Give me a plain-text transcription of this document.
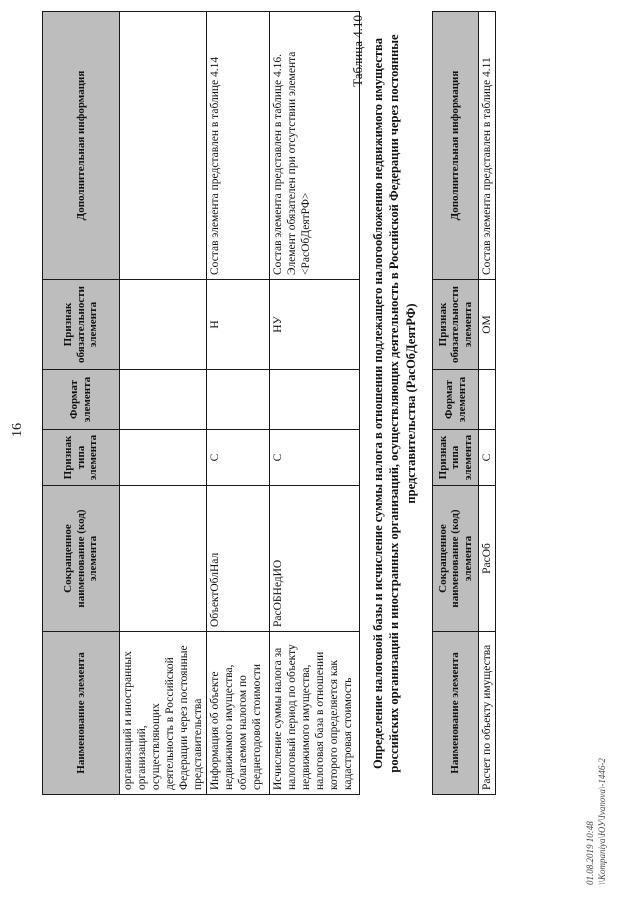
16
Наименование элемента	Сокращенное наименование (код) элемента	Признак типа элемента	Формат элемента	Признак обязательности элемента	Дополнительная информация
организаций и иностранных организаций, осуществляющих деятельность в Российской Федерации через постоянные представительства					
Информация об объекте недвижимого имущества, облагаемом налогом по среднегодовой стоимости	ОбъектОблНал	С		Н	Состав элемента представлен в таблице 4.14
Исчисление суммы налога за налоговый период по объекту недвижимого имущества, налоговая база в отношении которого определяется как кадастровая стоимость	РасОБНедИО	С		НУ	Состав элемента представлен в таблице 4.16. Элемент обязателен при отсутствии элемента <РасОбДеятРФ>
Таблица 4.10 Определение налоговой базы и исчисление суммы налога в отношении подлежащего налогообложению недвижимого имущества российских организаций и иностранных организаций, осуществляющих деятельность в Российской Федерации через постоянные представительства (РасОбДеятРФ)
Наименование элемента	Сокращенное наименование (код) элемента	Признак типа элемента	Формат элемента	Признак обязательности элемента	Дополнительная информация
Расчет по объекту имущества	РасОб	С		ОМ	Состав элемента представлен в таблице 4.11
01.08.2019 10:48 \\Kompaniya\ЮУ\Ivanova\-1446-2
